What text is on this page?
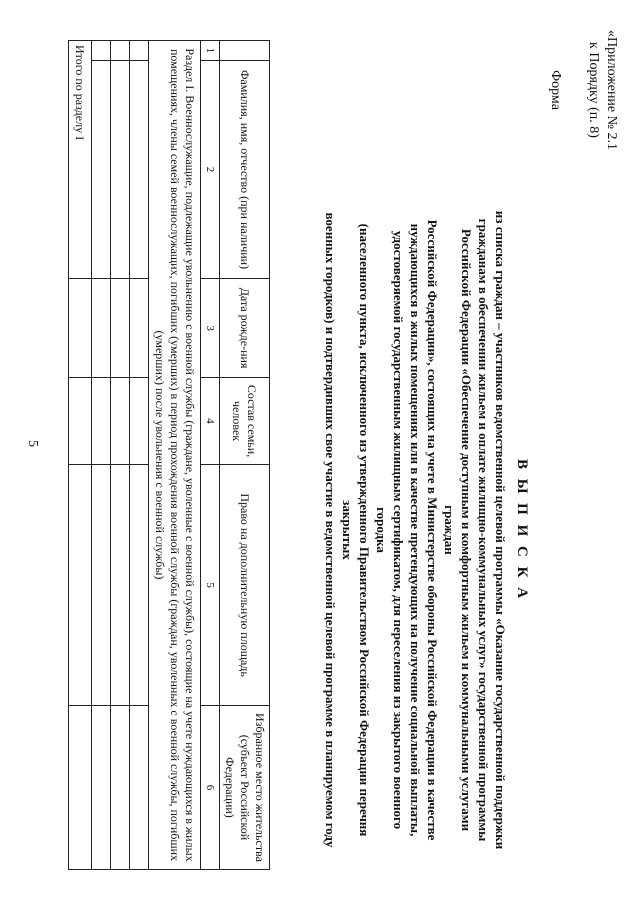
5
«Приложение № 2.1
к Порядку (п. 8)
Форма
В Ы П И С К А
из списка граждан – участников ведомственной целевой программы «Оказание государственной поддержки
гражданам в обеспечении жильем и оплате жилищно-коммунальных услуг» государственной программы
Российской Федерации «Обеспечение доступным и комфортным жильем и коммунальными услугами граждан
Российской Федерации», состоящих на учете в Министерстве обороны Российской Федерации в качестве
нуждающихся в жилых помещениях или в качестве претендующих на получение социальной выплаты,
удостоверяемой государственным жилищным сертификатом, для переселения из закрытого военного городка
(населенного пункта, исключенного из утвержденного Правительством Российской Федерации перечня закрытых
военных городков) и подтвердивших свое участие в ведомственной целевой программе в планируемом году
	Фамилия, имя, отчество (при наличии)	Дата рожде-ния	Состав семьи, человек	Право на дополнительную площадь	Избранное место жительства (субъект Российской Федерации)
1	2	3	4	5	6
Раздел I. Военнослужащие, подлежащие увольнению с военной службы (граждане, уволенные с военной службы), состоящие на учете нуждающихся в жилых помещениях, члены семей военнослужащих, погибших (умерших) в период прохождения военной службы (граждан, уволенных с военной службы, погибших (умерших) после увольнения с военной службы)					

Итого по разделу I					
